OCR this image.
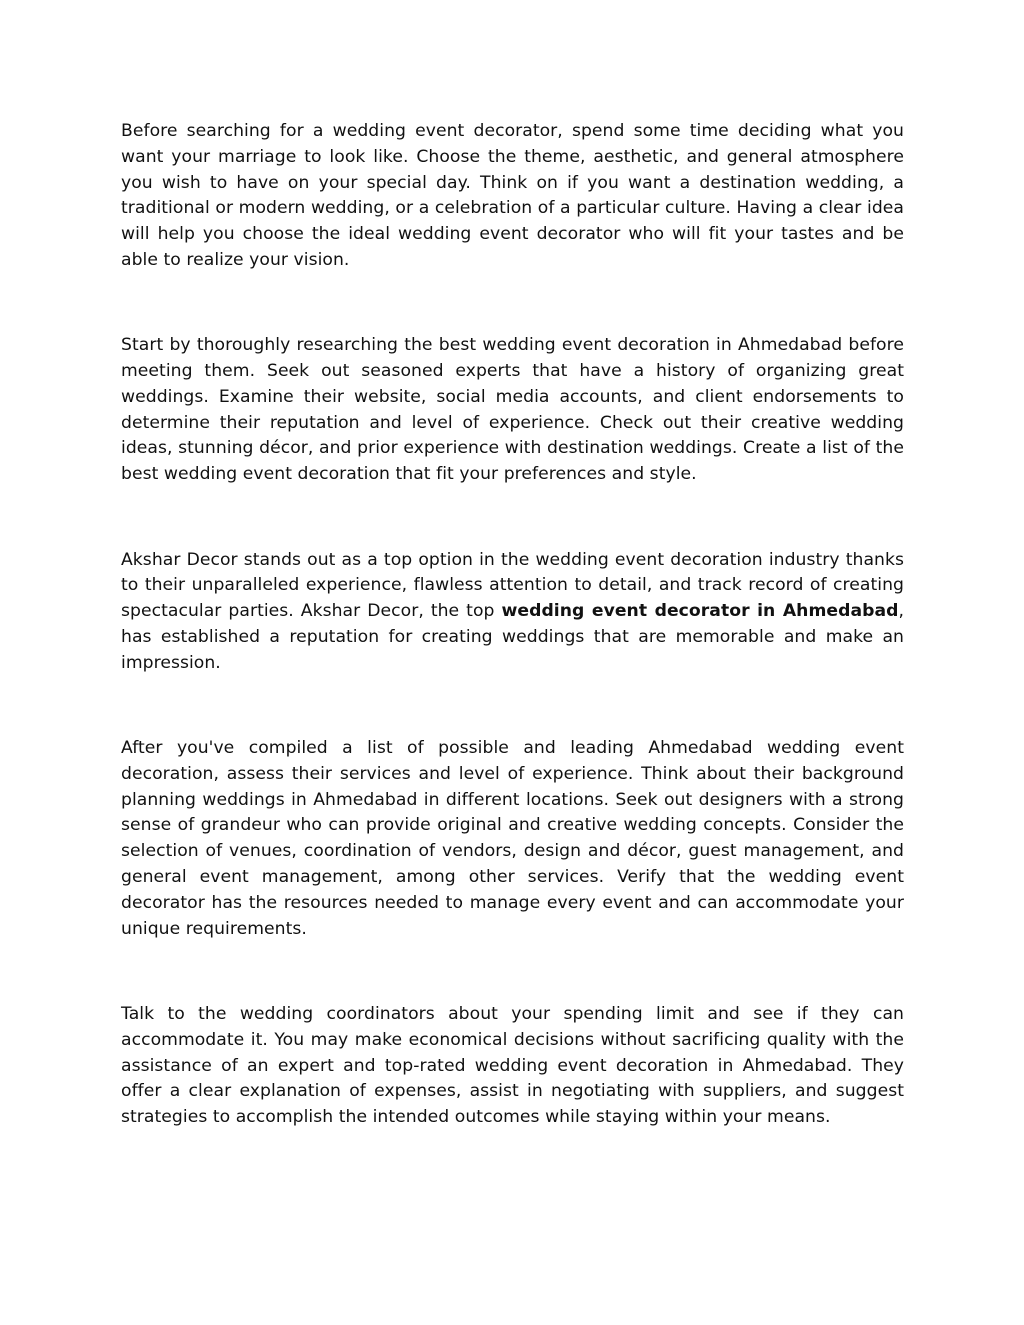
Before searching for a wedding event decorator, spend some time deciding what you want your marriage to look like. Choose the theme, aesthetic, and general atmosphere you wish to have on your special day. Think on if you want a destination wedding, a traditional or modern wedding, or a celebration of a particular culture. Having a clear idea will help you choose the ideal wedding event decorator who will fit your tastes and be able to realize your vision.

Start by thoroughly researching the best wedding event decoration in Ahmedabad before meeting them. Seek out seasoned experts that have a history of organizing great weddings. Examine their website, social media accounts, and client endorsements to determine their reputation and level of experience. Check out their creative wedding ideas, stunning décor, and prior experience with destination weddings. Create a list of the best wedding event decoration that fit your preferences and style.

Akshar Decor stands out as a top option in the wedding event decoration industry thanks to their unparalleled experience, flawless attention to detail, and track record of creating spectacular parties. Akshar Decor, the top wedding event decorator in Ahmedabad, has established a reputation for creating weddings that are memorable and make an impression.

After you've compiled a list of possible and leading Ahmedabad wedding event decoration, assess their services and level of experience. Think about their background planning weddings in Ahmedabad in different locations. Seek out designers with a strong sense of grandeur who can provide original and creative wedding concepts. Consider the selection of venues, coordination of vendors, design and décor, guest management, and general event management, among other services. Verify that the wedding event decorator has the resources needed to manage every event and can accommodate your unique requirements.

Talk to the wedding coordinators about your spending limit and see if they can accommodate it. You may make economical decisions without sacrificing quality with the assistance of an expert and top-rated wedding event decoration in Ahmedabad. They offer a clear explanation of expenses, assist in negotiating with suppliers, and suggest strategies to accomplish the intended outcomes while staying within your means.
